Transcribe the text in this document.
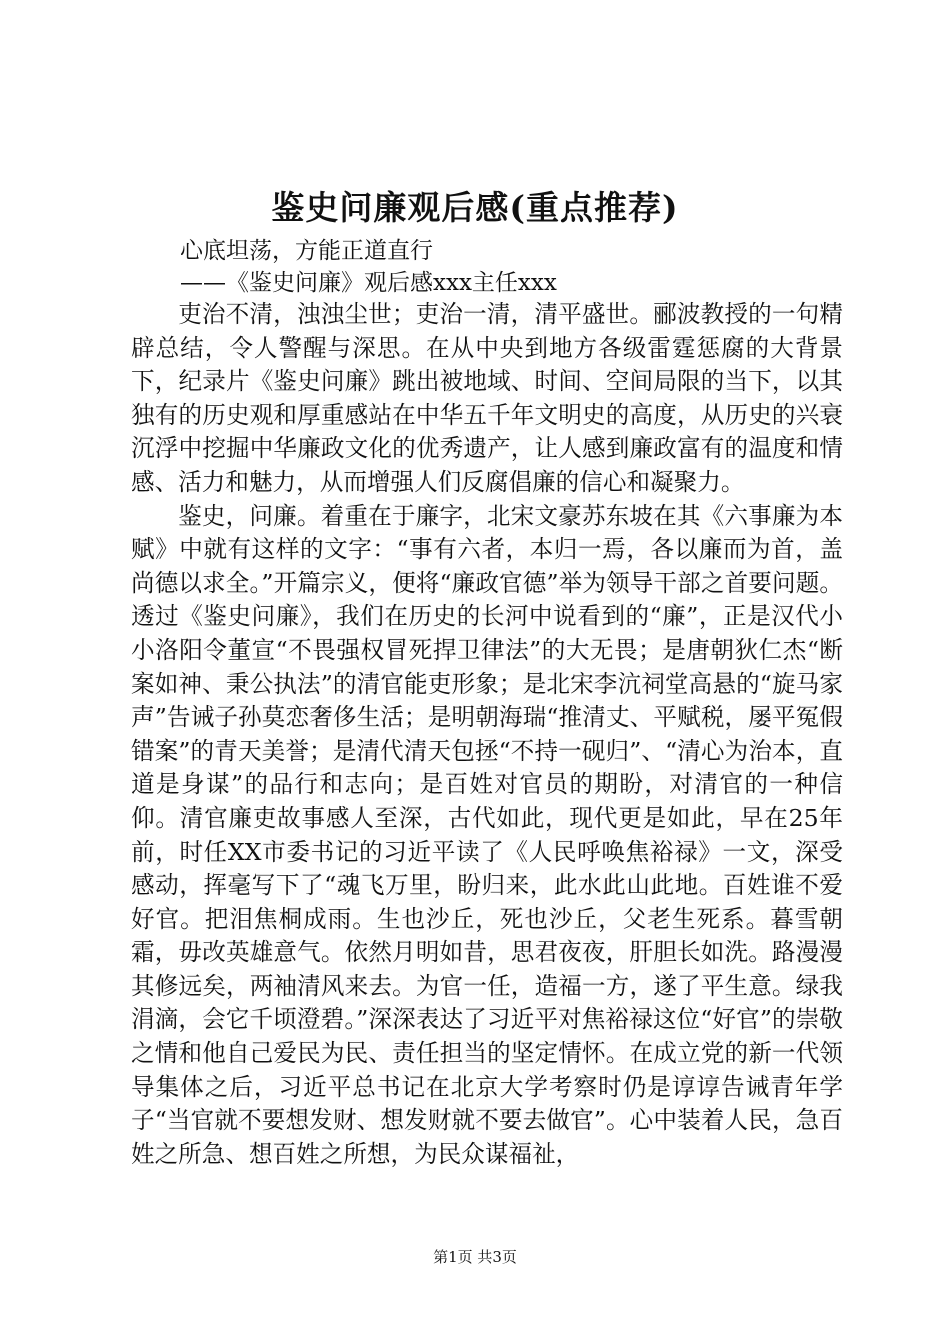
鉴史问廉观后感(重点推荐)
心底坦荡，方能正道直行
——《鉴史问廉》观后感xxx主任xxx

吏治不清，浊浊尘世；吏治一清，清平盛世。郦波教授的一句精辟总结，令人警醒与深思。在从中央到地方各级雷霆惩腐的大背景下，纪录片《鉴史问廉》跳出被地域、时间、空间局限的当下，以其独有的历史观和厚重感站在中华五千年文明史的高度，从历史的兴衰沉浮中挖掘中华廉政文化的优秀遗产，让人感到廉政富有的温度和情感、活力和魅力，从而增强人们反腐倡廉的信心和凝聚力。

鉴史，问廉。着重在于廉字，北宋文豪苏东坡在其《六事廉为本赋》中就有这样的文字：“事有六者，本归一焉，各以廉而为首，盖尚德以求全。”开篇宗义，便将“廉政官德”举为领导干部之首要问题。透过《鉴史问廉》，我们在历史的长河中说看到的“廉”，正是汉代小小洛阳令董宣“不畏强权冒死捍卫律法”的大无畏；是唐朝狄仁杰“断案如神、秉公执法”的清官能吏形象；是北宋李沆祠堂高悬的“旋马家声”告诫子孙莫恋奢侈生活；是明朝海瑞“推清丈、平赋税，屡平冤假错案”的青天美誉；是清代清天包拯“不持一砚归”、“清心为治本，直道是身谋”的品行和志向；是百姓对官员的期盼，对清官的一种信仰。清官廉吏故事感人至深，古代如此，现代更是如此，早在25年前，时任XX市委书记的习近平读了《人民呼唤焦裕禄》一文，深受感动，挥毫写下了“魂飞万里，盼归来，此水此山此地。百姓谁不爱好官。把泪焦桐成雨。生也沙丘，死也沙丘，父老生死系。暮雪朝霜，毋改英雄意气。依然月明如昔，思君夜夜，肝胆长如洗。路漫漫其修远矣，两袖清风来去。为官一任，造福一方，遂了平生意。绿我涓滴，会它千顷澄碧。”深深表达了习近平对焦裕禄这位“好官”的崇敬之情和他自己爱民为民、责任担当的坚定情怀。在成立党的新一代领导集体之后，习近平总书记在北京大学考察时仍是谆谆告诫青年学子“当官就不要想发财、想发财就不要去做官”。心中装着人民，急百姓之所急、想百姓之所想，为民众谋福祉，

第1页 共3页
